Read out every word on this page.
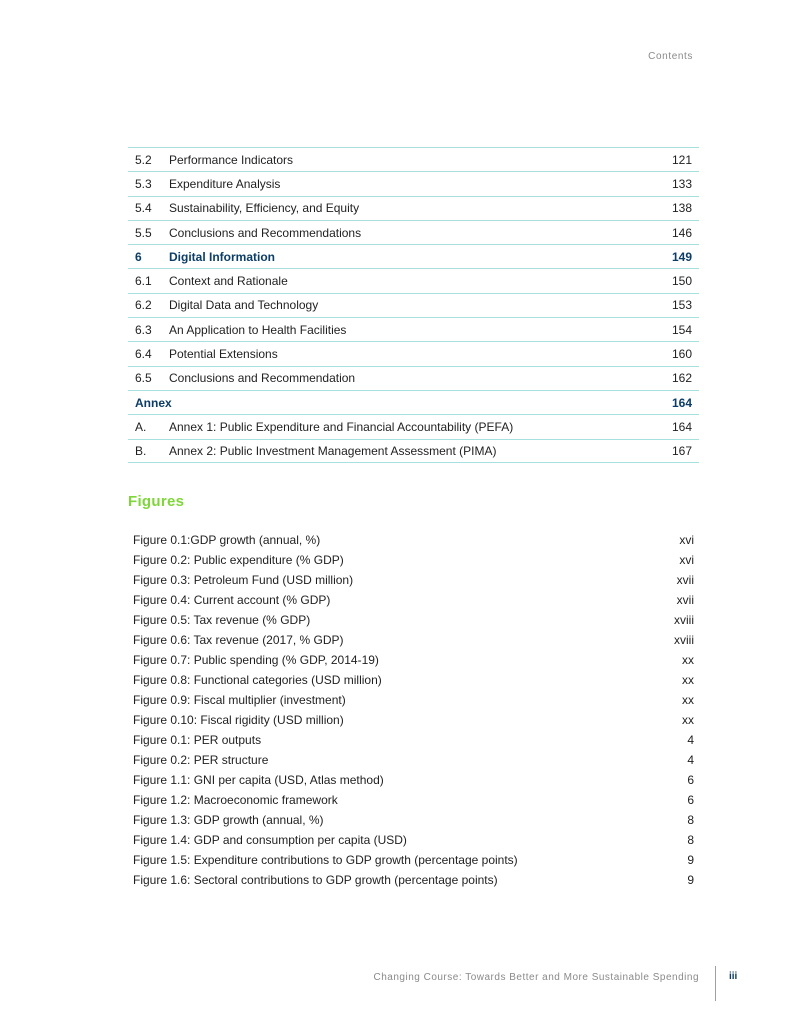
Contents
5.2	Performance Indicators	121
5.3	Expenditure Analysis	133
5.4	Sustainability, Efficiency, and Equity	138
5.5	Conclusions and Recommendations	146
6	Digital Information	149
6.1	Context and Rationale	150
6.2	Digital Data and Technology	153
6.3	An Application to Health Facilities	154
6.4	Potential Extensions	160
6.5	Conclusions and Recommendation	162
Annex	164
A.	Annex 1: Public Expenditure and Financial Accountability (PEFA)	164
B.	Annex 2: Public Investment Management Assessment (PIMA)	167
Figures
Figure 0.1:GDP growth (annual, %)	xvi
Figure 0.2: Public expenditure (% GDP)	xvi
Figure 0.3: Petroleum Fund (USD million)	xvii
Figure 0.4: Current account (% GDP)	xvii
Figure 0.5: Tax revenue (% GDP)	xviii
Figure 0.6: Tax revenue (2017, % GDP)	xviii
Figure 0.7: Public spending (% GDP, 2014-19)	xx
Figure 0.8: Functional categories (USD million)	xx
Figure 0.9: Fiscal multiplier (investment)	xx
Figure 0.10: Fiscal rigidity (USD million)	xx
Figure 0.1: PER outputs	4
Figure 0.2: PER structure	4
Figure 1.1: GNI per capita (USD, Atlas method)	6
Figure 1.2: Macroeconomic framework	6
Figure 1.3: GDP growth (annual, %)	8
Figure 1.4: GDP and consumption per capita (USD)	8
Figure 1.5: Expenditure contributions to GDP growth (percentage points)	9
Figure 1.6: Sectoral contributions to GDP growth (percentage points)	9
Changing Course: Towards Better and More Sustainable Spending	iii
